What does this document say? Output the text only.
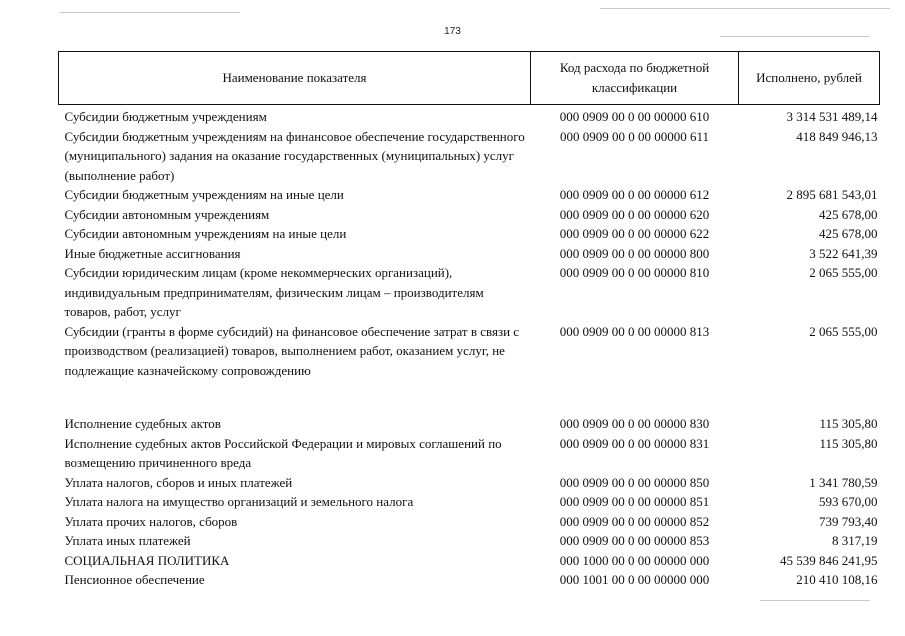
173
Наименование показателя	Код расхода по бюджетной классификации	Исполнено, рублей
Субсидии бюджетным учреждениям	000 0909 00 0 00 00000 610	3 314 531 489,14
Субсидии бюджетным учреждениям на финансовое обеспечение государственного (муниципального) задания на оказание государственных (муниципальных) услуг (выполнение работ)	000 0909 00 0 00 00000 611	418 849 946,13
Субсидии бюджетным учреждениям на иные цели	000 0909 00 0 00 00000 612	2 895 681 543,01
Субсидии автономным учреждениям	000 0909 00 0 00 00000 620	425 678,00
Субсидии автономным учреждениям на иные цели	000 0909 00 0 00 00000 622	425 678,00
Иные бюджетные ассигнования	000 0909 00 0 00 00000 800	3 522 641,39
Субсидии юридическим лицам (кроме некоммерческих организаций), индивидуальным предпринимателям, физическим лицам – производителям товаров, работ, услуг	000 0909 00 0 00 00000 810	2 065 555,00
Субсидии (гранты в форме субсидий) на финансовое обеспечение затрат в связи с производством (реализацией) товаров, выполнением работ, оказанием услуг, не подлежащие казначейскому сопровождению	000 0909 00 0 00 00000 813	2 065 555,00

Исполнение судебных актов	000 0909 00 0 00 00000 830	115 305,80
Исполнение судебных актов Российской Федерации и мировых соглашений по возмещению причиненного вреда	000 0909 00 0 00 00000 831	115 305,80
Уплата налогов, сборов и иных платежей	000 0909 00 0 00 00000 850	1 341 780,59
Уплата налога на имущество организаций и земельного налога	000 0909 00 0 00 00000 851	593 670,00
Уплата прочих налогов, сборов	000 0909 00 0 00 00000 852	739 793,40
Уплата иных платежей	000 0909 00 0 00 00000 853	8 317,19
СОЦИАЛЬНАЯ ПОЛИТИКА	000 1000 00 0 00 00000 000	45 539 846 241,95
Пенсионное обеспечение	000 1001 00 0 00 00000 000	210 410 108,16
